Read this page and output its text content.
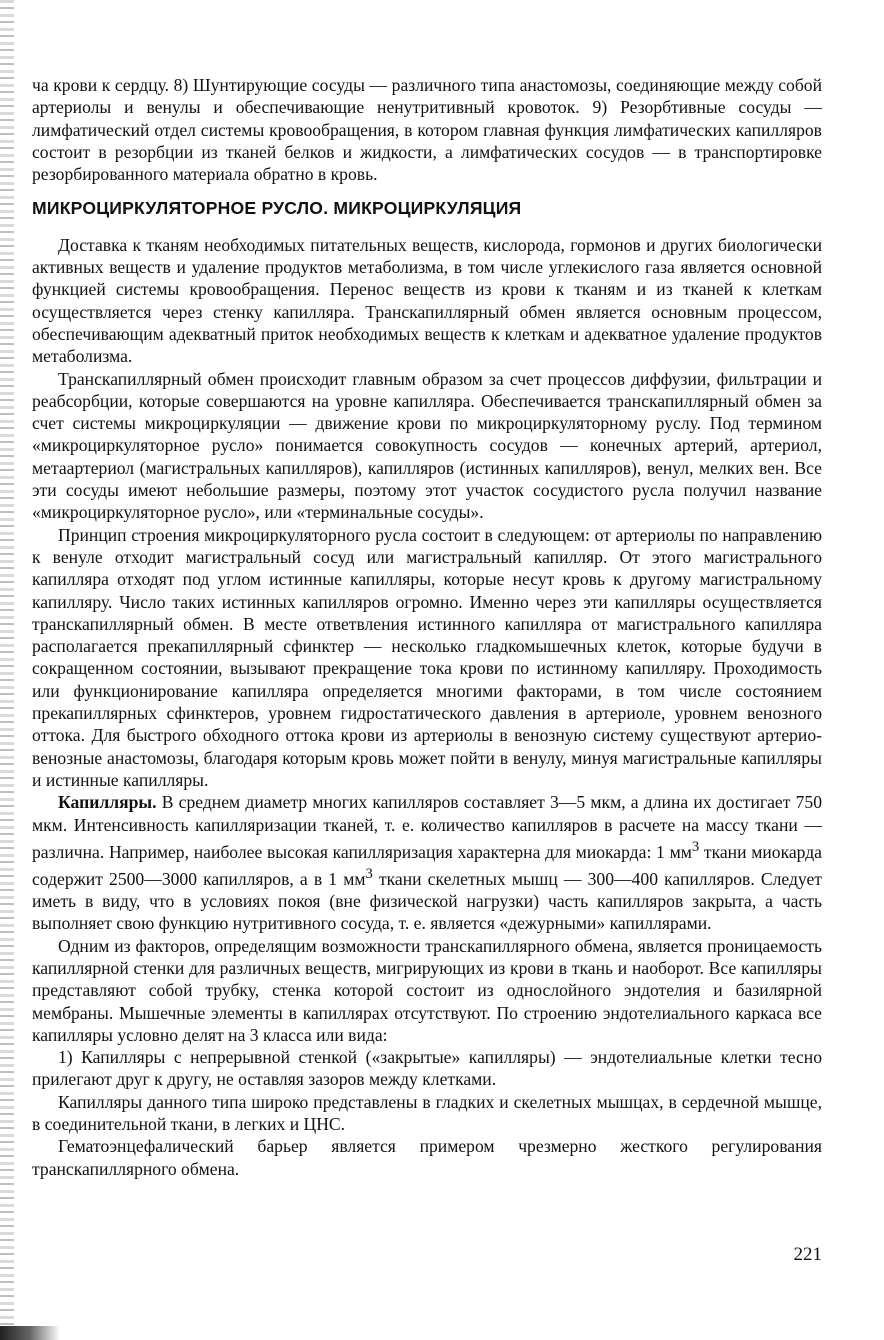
ча крови к сердцу. 8) Шунтирующие сосуды — различного типа анастомозы, соединяющие между собой артериолы и венулы и обеспечивающие ненутритивный кровоток. 9) Резорбтивные сосуды — лимфатический отдел системы кровообращения, в котором главная функция лимфатических капилляров состоит в резорбции из тканей белков и жидкости, а лимфатических сосудов — в транспортировке резорбированного материала обратно в кровь.

МИКРОЦИРКУЛЯТОРНОЕ РУСЛО. МИКРОЦИРКУЛЯЦИЯ

Доставка к тканям необходимых питательных веществ, кислорода, гормонов и других биологически активных веществ и удаление продуктов метаболизма, в том числе углекислого газа является основной функцией системы кровообращения. Перенос веществ из крови к тканям и из тканей к клеткам осуществляется через стенку капилляра. Транскапиллярный обмен является основным процессом, обеспечивающим адекватный приток необходимых веществ к клеткам и адекватное удаление продуктов метаболизма.

Транскапиллярный обмен происходит главным образом за счет процессов диффузии, фильтрации и реабсорбции, которые совершаются на уровне капилляра. Обеспечивается транскапиллярный обмен за счет системы микроциркуляции — движение крови по микроциркуляторному руслу. Под термином «микроциркуляторное русло» понимается совокупность сосудов — конечных артерий, артериол, метаартериол (магистральных капилляров), капилляров (истинных капилляров), венул, мелких вен. Все эти сосуды имеют небольшие размеры, поэтому этот участок сосудистого русла получил название «микроциркуляторное русло», или «терминальные сосуды».

Принцип строения микроциркуляторного русла состоит в следующем: от артериолы по направлению к венуле отходит магистральный сосуд или магистральный капилляр. От этого магистрального капилляра отходят под углом истинные капилляры, которые несут кровь к другому магистральному капилляру. Число таких истинных капилляров огромно. Именно через эти капилляры осуществляется транскапиллярный обмен. В месте ответвления истинного капилляра от магистрального капилляра располагается прекапиллярный сфинктер — несколько гладкомышечных клеток, которые будучи в сокращенном состоянии, вызывают прекращение тока крови по истинному капилляру. Проходимость или функционирование капилляра определяется многими факторами, в том числе состоянием прекапиллярных сфинктеров, уровнем гидростатического давления в артериоле, уровнем венозного оттока. Для быстрого обходного оттока крови из артериолы в венозную систему существуют артерио-венозные анастомозы, благодаря которым кровь может пойти в венулу, минуя магистральные капилляры и истинные капилляры.

Капилляры. В среднем диаметр многих капилляров составляет 3—5 мкм, а длина их достигает 750 мкм. Интенсивность капилляризации тканей, т. е. количество капилляров в расчете на массу ткани — различна. Например, наиболее высокая капилляризация характерна для миокарда: 1 $мм^3$ ткани миокарда содержит 2500—3000 капилляров, а в 1 $мм^3$ ткани скелетных мышц — 300—400 капилляров. Следует иметь в виду, что в условиях покоя (вне физической нагрузки) часть капилляров закрыта, а часть выполняет свою функцию нутритивного сосуда, т. е. является «дежурными» капиллярами.

Одним из факторов, определящим возможности транскапиллярного обмена, является проницаемость капиллярной стенки для различных веществ, мигрирующих из крови в ткань и наоборот. Все капилляры представляют собой трубку, стенка которой состоит из однослойного эндотелия и базилярной мембраны. Мышечные элементы в капиллярах отсутствуют. По строению эндотелиального каркаса все капилляры условно делят на 3 класса или вида:

1) Капилляры с непрерывной стенкой («закрытые» капилляры) — эндотелиальные клетки тесно прилегают друг к другу, не оставляя зазоров между клетками.

Капилляры данного типа широко представлены в гладких и скелетных мышцах, в сердечной мышце, в соединительной ткани, в легких и ЦНС.

Гематоэнцефалический барьер является примером чрезмерно жесткого регулирования транскапиллярного обмена.

221
